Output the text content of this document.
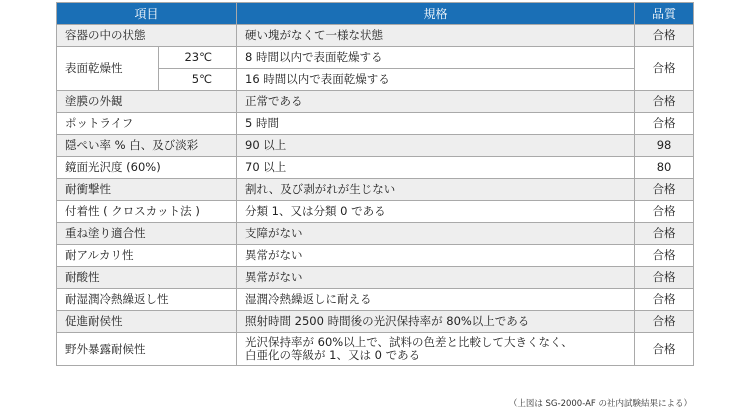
項目		規格	品質
容器の中の状態		硬い塊がなくて一様な状態	合格
表面乾燥性	23℃	8 時間以内で表面乾燥する	合格
	5℃	16 時間以内で表面乾燥する	
塗膜の外観		正常である	合格
ポットライフ		5 時間	合格
隠ぺい率 % 白、及び淡彩		90 以上	98
鏡面光沢度 (60%)		70 以上	80
耐衝撃性		割れ、及び剥がれが生じない	合格
付着性 ( クロスカット法 )		分類 1、又は分類 0 である	合格
重ね塗り適合性		支障がない	合格
耐アルカリ性		異常がない	合格
耐酸性		異常がない	合格
耐湿潤冷熱繰返し性		湿潤冷熱繰返しに耐える	合格
促進耐侯性		照射時間 2500 時間後の光沢保持率が 80%以上である	合格
野外暴露耐候性		光沢保持率が 60%以上で、試料の色差と比較して大きくなく、
白亜化の等級が 1、又は 0 である	合格
（上図は SG-2000-AF の社内試験結果による）
